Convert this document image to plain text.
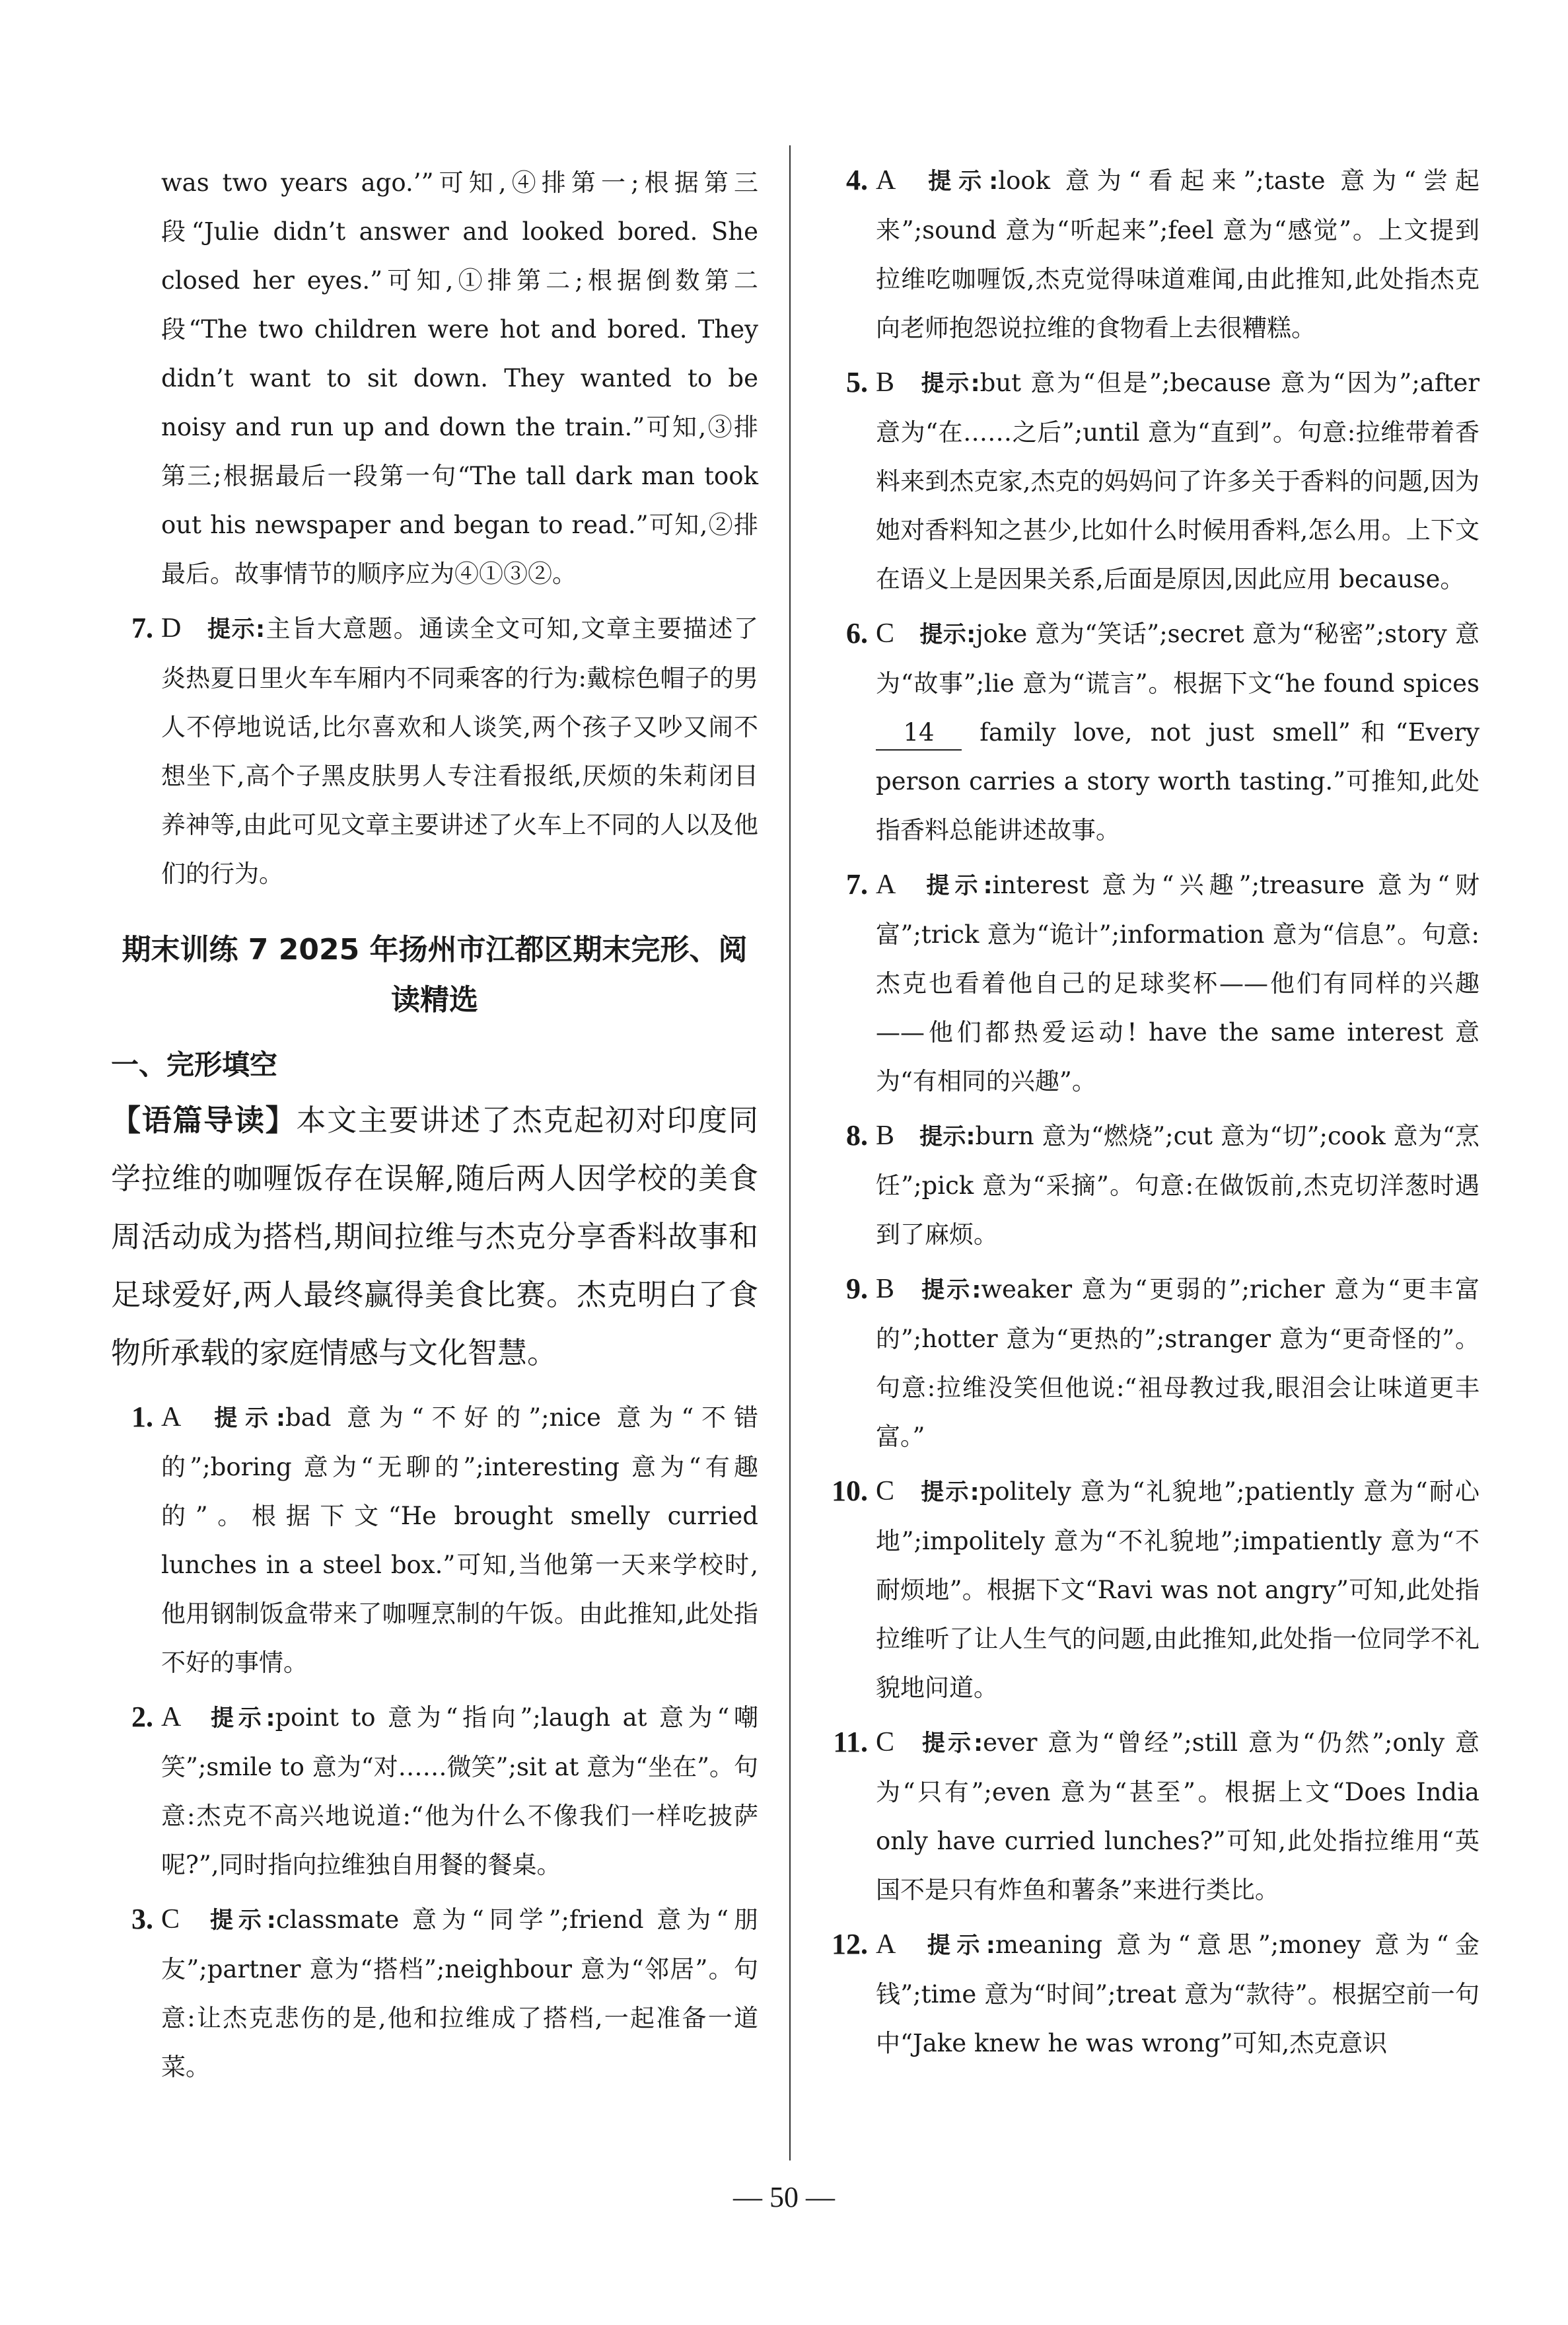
was two years ago.’”可知,④排第一;根据第三段“Julie didn’t answer and looked bored. She closed her eyes.”可知,①排第二;根据倒数第二段“The two children were hot and bored. They didn’t want to sit down. They wanted to be noisy and run up and down the train.”可知,③排第三;根据最后一段第一句“The tall dark man took out his newspaper and began to read.”可知,②排最后。故事情节的顺序应为④①③②。

7. D 提示:主旨大意题。通读全文可知,文章主要描述了炎热夏日里火车车厢内不同乘客的行为:戴棕色帽子的男人不停地说话,比尔喜欢和人谈笑,两个孩子又吵又闹不想坐下,高个子黑皮肤男人专注看报纸,厌烦的朱莉闭目养神等,由此可见文章主要讲述了火车上不同的人以及他们的行为。
期末训练 7 2025 年扬州市江都区期末完形、阅读精选
一、完形填空

【语篇导读】本文主要讲述了杰克起初对印度同学拉维的咖喱饭存在误解,随后两人因学校的美食周活动成为搭档,期间拉维与杰克分享香料故事和足球爱好,两人最终赢得美食比赛。杰克明白了食物所承载的家庭情感与文化智慧。

1. A 提示:bad 意为“不好的”;nice 意为“不错的”;boring 意为“无聊的”;interesting 意为“有趣的”。根据下文“He brought smelly curried lunches in a steel box.”可知,当他第一天来学校时,他用钢制饭盒带来了咖喱烹制的午饭。由此推知,此处指不好的事情。
2. A 提示:point to 意为“指向”;laugh at 意为“嘲笑”;smile to 意为“对……微笑”;sit at 意为“坐在”。句意:杰克不高兴地说道:“他为什么不像我们一样吃披萨呢?”,同时指向拉维独自用餐的餐桌。
3. C 提示:classmate 意为“同学”;friend 意为“朋友”;partner 意为“搭档”;neighbour 意为“邻居”。句意:让杰克悲伤的是,他和拉维成了搭档,一起准备一道菜。
4. A 提示:look 意为“看起来”;taste 意为“尝起来”;sound 意为“听起来”;feel 意为“感觉”。上文提到拉维吃咖喱饭,杰克觉得味道难闻,由此推知,此处指杰克向老师抱怨说拉维的食物看上去很糟糕。
5. B 提示:but 意为“但是”;because 意为“因为”;after 意为“在……之后”;until 意为“直到”。句意:拉维带着香料来到杰克家,杰克的妈妈问了许多关于香料的问题,因为她对香料知之甚少,比如什么时候用香料,怎么用。上下文在语义上是因果关系,后面是原因,因此应用 because。
6. C 提示:joke 意为“笑话”;secret 意为“秘密”;story 意为“故事”;lie 意为“谎言”。根据下文“he found spices 14 family love, not just smell”和“Every person carries a story worth tasting.”可推知,此处指香料总能讲述故事。
7. A 提示:interest 意为“兴趣”;treasure 意为“财富”;trick 意为“诡计”;information 意为“信息”。句意:杰克也看着他自己的足球奖杯——他们有同样的兴趣——他们都热爱运动! have the same interest 意为“有相同的兴趣”。
8. B 提示:burn 意为“燃烧”;cut 意为“切”;cook 意为“烹饪”;pick 意为“采摘”。句意:在做饭前,杰克切洋葱时遇到了麻烦。
9. B 提示:weaker 意为“更弱的”;richer 意为“更丰富的”;hotter 意为“更热的”;stranger 意为“更奇怪的”。句意:拉维没笑但他说:“祖母教过我,眼泪会让味道更丰富。”
10. C 提示:politely 意为“礼貌地”;patiently 意为“耐心地”;impolitely 意为“不礼貌地”;impatiently 意为“不耐烦地”。根据下文“Ravi was not angry”可知,此处指拉维听了让人生气的问题,由此推知,此处指一位同学不礼貌地问道。
11. C 提示:ever 意为“曾经”;still 意为“仍然”;only 意为“只有”;even 意为“甚至”。根据上文“Does India only have curried lunches?”可知,此处指拉维用“英国不是只有炸鱼和薯条”来进行类比。
12. A 提示:meaning 意为“意思”;money 意为“金钱”;time 意为“时间”;treat 意为“款待”。根据空前一句中“Jake knew he was wrong”可知,杰克意识
— 50 —
